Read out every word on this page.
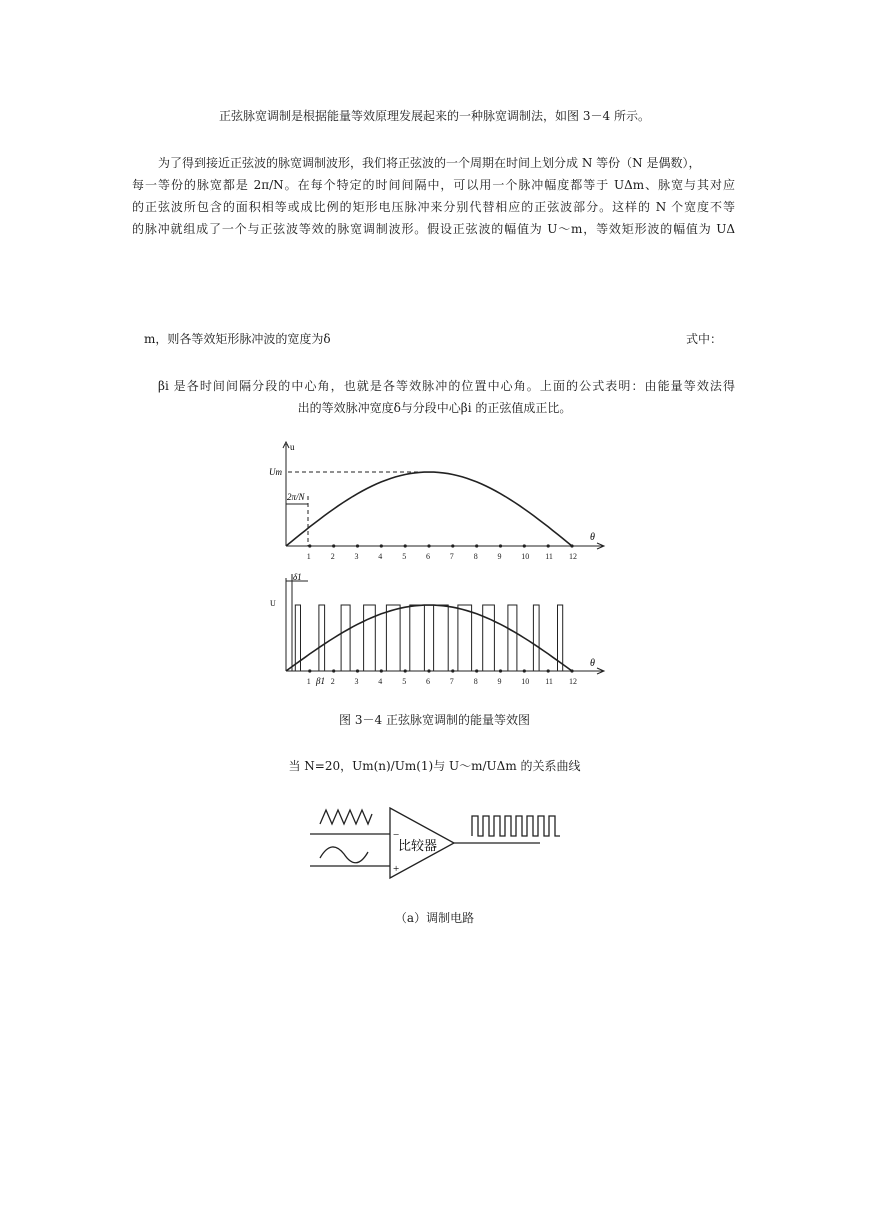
正弦脉宽调制是根据能量等效原理发展起来的一种脉宽调制法，如图 3－4 所示。
为了得到接近正弦波的脉宽调制波形，我们将正弦波的一个周期在时间上划分成 N 等份（N 是偶数），
每一等份的脉宽都是 2π/N。在每个特定的时间间隔中，可以用一个脉冲幅度都等于 UΔm、脉宽与其对应
的正弦波所包含的面积相等或成比例的矩形电压脉冲来分别代替相应的正弦波部分。这样的 N 个宽度不等
的脉冲就组成了一个与正弦波等效的脉宽调制波形。假设正弦波的幅值为 U～m，等效矩形波的幅值为 UΔ
m，则各等效矩形脉冲波的宽度为δ	式中：
βi 是各时间间隔分段的中心角，也就是各等效脉冲的位置中心角。上面的公式表明：由能量等效法得
出的等效脉冲宽度δ与分段中心βi 的正弦值成正比。
1 2 3 4 5 6 7 8 9 10 11 12
1 2 3 4 5 6 7 8 9 10 11 12
u
θ
Um
2π/N
U
θ
δ1
β1
图 3－4 正弦脉宽调制的能量等效图
当 N=20，Um(n)/Um(1)与 U～m/UΔm 的关系曲线
−
+
比较器
（a）调制电路
